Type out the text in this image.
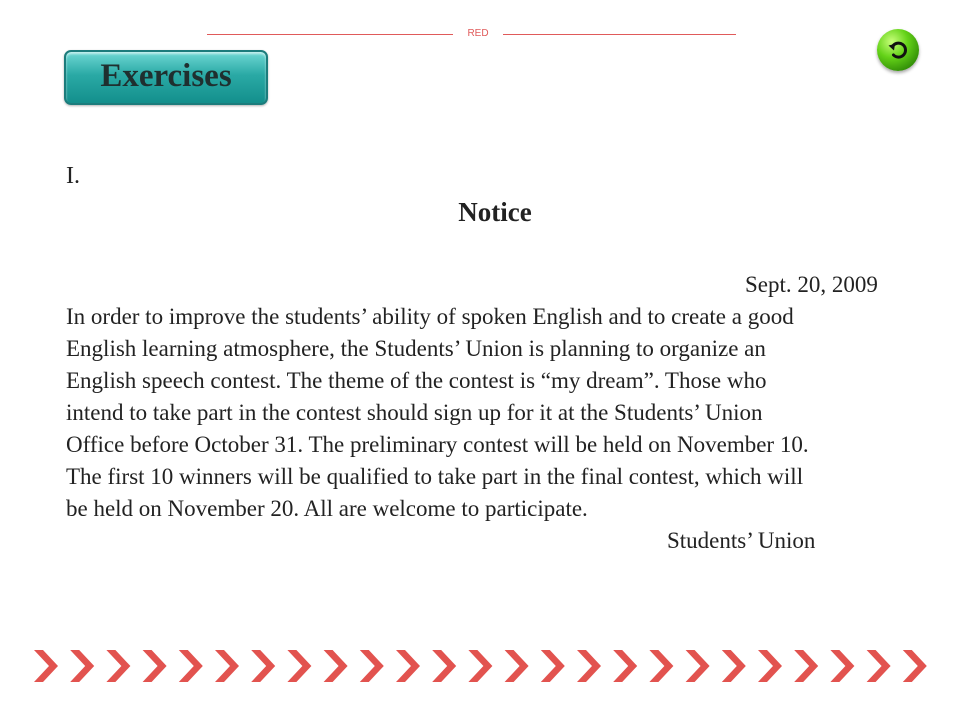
RED
Exercises
I.
Notice
Sept. 20, 2009
In order to improve the students’ ability of spoken English and to create a good
English learning atmosphere, the Students’ Union is planning to organize an
English speech contest. The theme of the contest is “my dream”. Those who
intend to take part in the contest should sign up for it at the Students’ Union
Office before October 31. The preliminary contest will be held on November 10.
The first 10 winners will be qualified to take part in the final contest, which will
be held on November 20. All are welcome to participate.
Students’ Union
